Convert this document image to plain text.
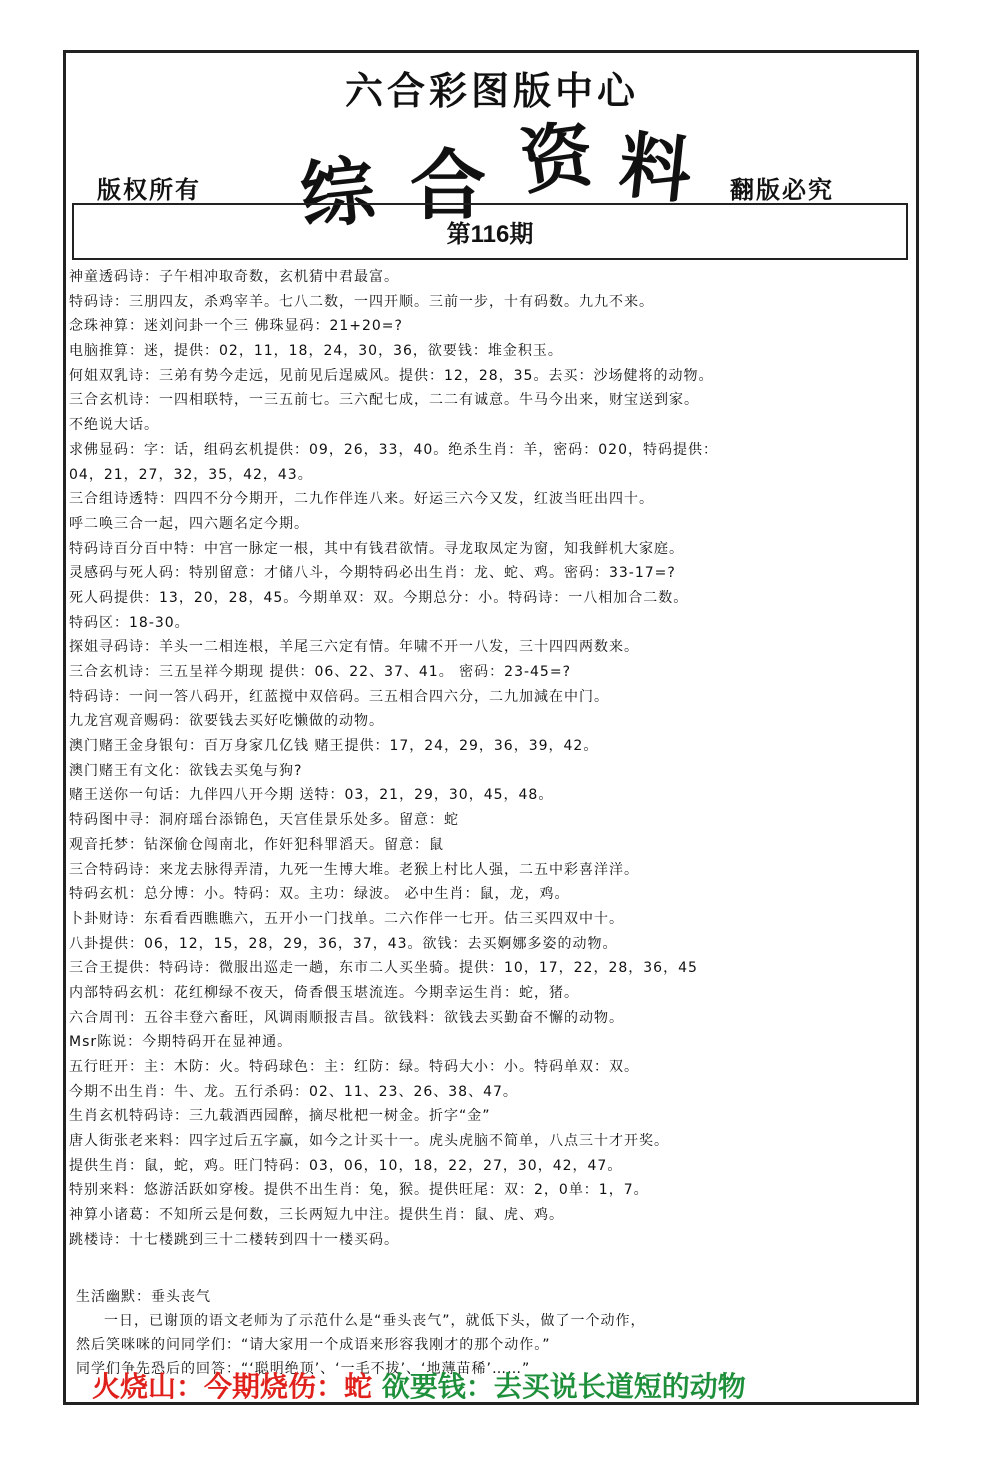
六合彩图版中心
综 合 资 料
版权所有	翻版必究
第116期
神童透码诗：子午相冲取奇数，玄机猜中君最富。
特码诗：三朋四友，杀鸡宰羊。七八二数，一四开顺。三前一步，十有码数。九九不来。
念珠神算：迷刘问卦一个三 佛珠显码：21+20=?
电脑推算：迷，提供：02，11，18，24，30，36，欲要钱：堆金积玉。
何姐双乳诗：三弟有势今走远，见前见后逞威风。提供：12，28，35。去买：沙场健将的动物。
三合玄机诗：一四相联特，一三五前七。三六配七成，二二有诚意。牛马今出来，财宝送到家。
不绝说大话。
求佛显码：字：话，组码玄机提供：09，26，33，40。绝杀生肖：羊，密码：020，特码提供：
04，21，27，32，35，42，43。
三合组诗透特：四四不分今期开，二九作伴连八来。好运三六今又发，红波当旺出四十。
呼二唤三合一起，四六题名定今期。
特码诗百分百中特：中宫一脉定一根，其中有钱君欲情。寻龙取凤定为窗，知我鲜机大家庭。
灵感码与死人码：特别留意：才储八斗，今期特码必出生肖：龙、蛇、鸡。密码：33-17=?
死人码提供：13，20，28，45。今期单双：双。今期总分：小。特码诗：一八相加合二数。
特码区：18-30。
探姐寻码诗：羊头一二相连根，羊尾三六定有情。年啸不开一八发，三十四四两数来。
三合玄机诗：三五呈祥今期现 提供：06、22、37、41。 密码：23-45=?
特码诗：一问一答八码开，红蓝搅中双倍码。三五相合四六分，二九加減在中门。
九龙宫观音赐码：欲要钱去买好吃懒做的动物。
澳门赌王金身银句：百万身家几亿钱 赌王提供：17，24，29，36，39，42。
澳门赌王有文化：欲钱去买兔与狗?
赌王送你一句话：九伴四八开今期 送特：03，21，29，30，45，48。
特码图中寻：洞府瑶台添锦色，天宫佳景乐处多。留意：蛇
观音托梦：钻深偷仓闯南北，作奸犯科罪滔天。留意：鼠
三合特码诗：来龙去脉得弄清，九死一生博大堆。老猴上村比人强，二五中彩喜洋洋。
特码玄机：总分博：小。特码：双。主功：绿波。 必中生肖：鼠，龙，鸡。
卜卦财诗：东看看西瞧瞧六，五开小一门找单。二六作伴一七开。估三买四双中十。
八卦提供：06，12，15，28，29，36，37，43。欲钱：去买婀娜多姿的动物。
三合王提供：特码诗：微服出巡走一趟，东市二人买坐骑。提供：10，17，22，28，36，45
内部特码玄机：花红柳绿不夜天，倚香偎玉堪流连。今期幸运生肖：蛇，猪。
六合周刊：五谷丰登六畜旺，风调雨顺报吉昌。欲钱料：欲钱去买勤奋不懈的动物。
Msr陈说：今期特码开在显神通。
五行旺开：主：木防：火。特码球色：主：红防：绿。特码大小：小。特码单双：双。
今期不出生肖：牛、龙。五行杀码：02、11、23、26、38、47。
生肖玄机特码诗：三九载酒西园醉，摘尽枇杷一树金。折字“金”
唐人街张老来料：四字过后五字赢，如今之计买十一。虎头虎脑不简单，八点三十才开奖。
提供生肖：鼠，蛇，鸡。旺门特码：03，06，10，18，22，27，30，42，47。
特别来料：悠游活跃如穿梭。提供不出生肖：兔，猴。提供旺尾：双：2，0单：1，7。
神算小诸葛：不知所云是何数，三长两短九中注。提供生肖：鼠、虎、鸡。
跳楼诗：十七楼跳到三十二楼转到四十一楼买码。
生活幽默：垂头丧气
一日，已谢顶的语文老师为了示范什么是“垂头丧气”，就低下头，做了一个动作，
然后笑咪咪的问同学们：“请大家用一个成语来形容我刚才的那个动作。”
同学们争先恐后的回答：“‘聪明绝顶’、‘一毛不拔’、‘地薄苗稀’……”
火烧山：今期烧伤：蛇 欲要钱：去买说长道短的动物
